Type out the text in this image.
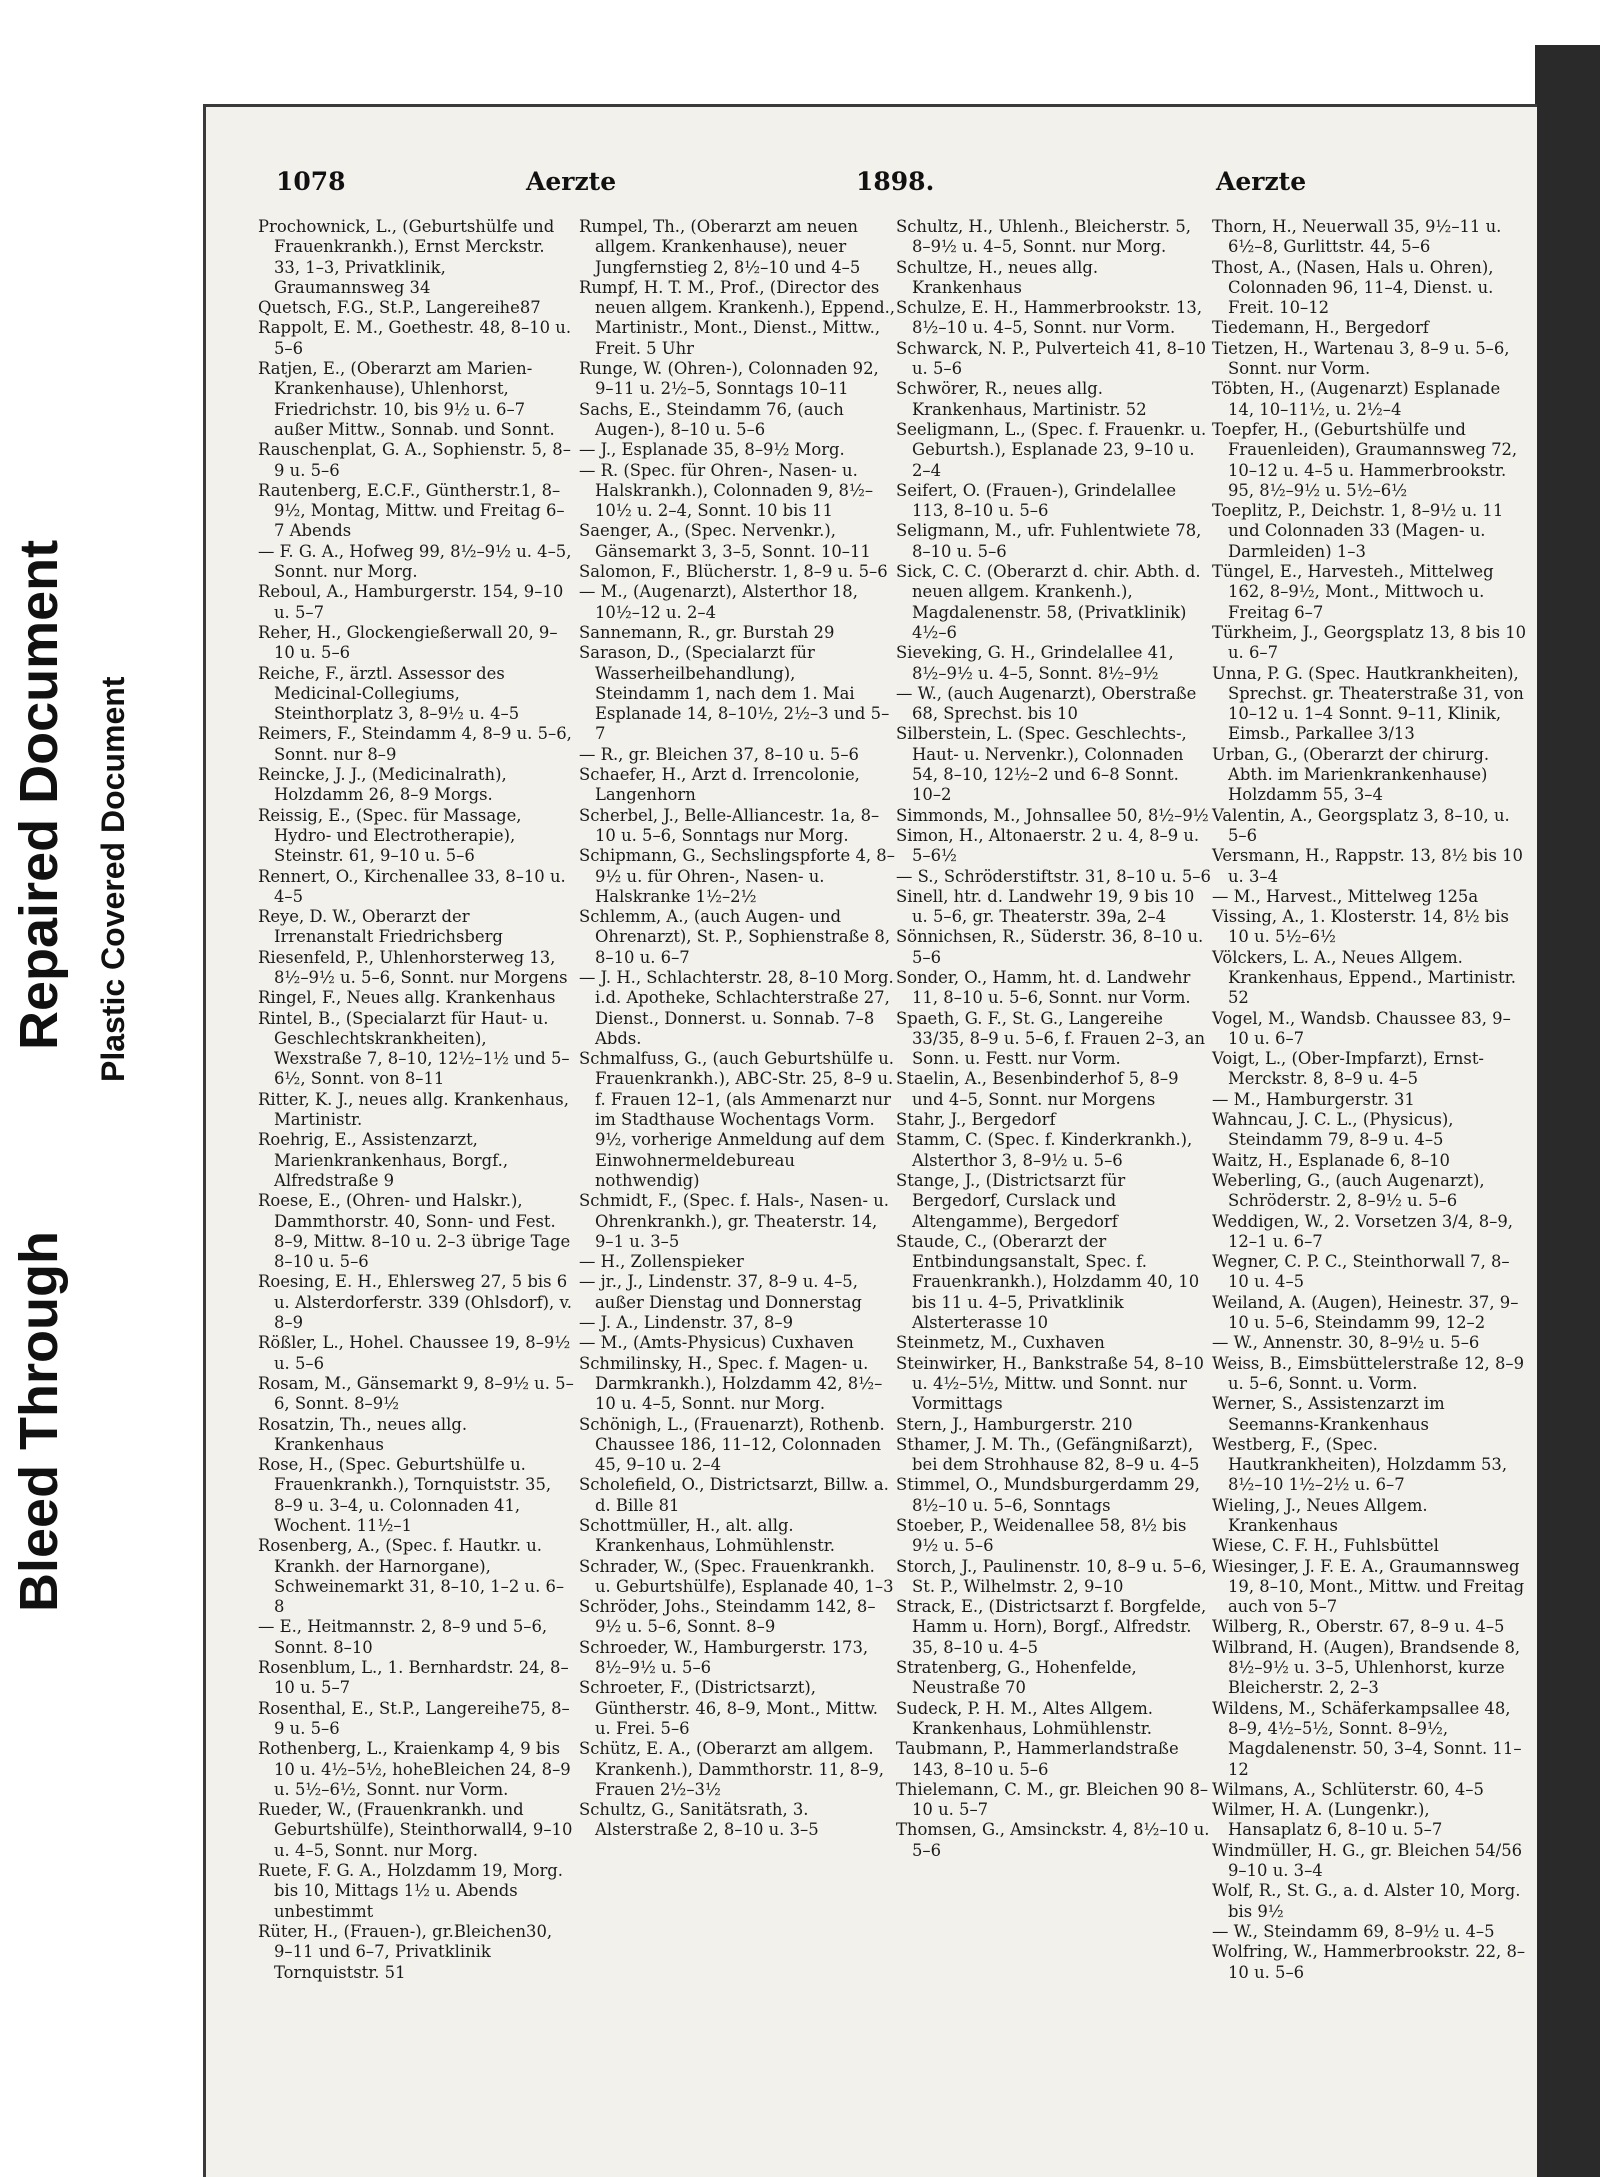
Bleed Through
Repaired Document Plastic Covered Document
1078	Aerzte	1898.	Aerzte
Prochownick, L., (Geburtshülfe und Frauenkrankh.), Ernst Merckstr. 33, 1–3, Privatklinik, Graumannsweg 34
Quetsch, F.G., St.P., Langereihe87
Rappolt, E. M., Goethestr. 48, 8–10 u. 5–6
Ratjen, E., (Oberarzt am Marien-Krankenhause), Uhlenhorst, Friedrichstr. 10, bis 9½ u. 6–7 außer Mittw., Sonnab. und Sonnt.
Rauschenplat, G. A., Sophienstr. 5, 8–9 u. 5–6
Rautenberg, E.C.F., Güntherstr.1, 8–9½, Montag, Mittw. und Freitag 6–7 Abends
— F. G. A., Hofweg 99, 8½–9½ u. 4–5, Sonnt. nur Morg.
Reboul, A., Hamburgerstr. 154, 9–10 u. 5–7
Reher, H., Glockengießerwall 20, 9–10 u. 5–6
Reiche, F., ärztl. Assessor des Medicinal-Collegiums, Steinthorplatz 3, 8–9½ u. 4–5
Reimers, F., Steindamm 4, 8–9 u. 5–6, Sonnt. nur 8–9
Reincke, J. J., (Medicinalrath), Holzdamm 26, 8–9 Morgs.
Reissig, E., (Spec. für Massage, Hydro- und Electrotherapie), Steinstr. 61, 9–10 u. 5–6
Rennert, O., Kirchenallee 33, 8–10 u. 4–5
Reye, D. W., Oberarzt der Irrenanstalt Friedrichsberg
Riesenfeld, P., Uhlenhorsterweg 13, 8½–9½ u. 5–6, Sonnt. nur Morgens
Ringel, F., Neues allg. Krankenhaus
Rintel, B., (Specialarzt für Haut- u. Geschlechtskrankheiten), Wexstraße 7, 8–10, 12½–1½ und 5–6½, Sonnt. von 8–11
Ritter, K. J., neues allg. Krankenhaus, Martinistr.
Roehrig, E., Assistenzarzt, Marienkrankenhaus, Borgf., Alfredstraße 9
Roese, E., (Ohren- und Halskr.), Dammthorstr. 40, Sonn- und Fest. 8–9, Mittw. 8–10 u. 2–3 übrige Tage 8–10 u. 5–6
Roesing, E. H., Ehlersweg 27, 5 bis 6 u. Alsterdorferstr. 339 (Ohlsdorf), v. 8–9
Rößler, L., Hohel. Chaussee 19, 8–9½ u. 5–6
Rosam, M., Gänsemarkt 9, 8–9½ u. 5–6, Sonnt. 8–9½
Rosatzin, Th., neues allg. Krankenhaus
Rose, H., (Spec. Geburtshülfe u. Frauenkrankh.), Tornquiststr. 35, 8–9 u. 3–4, u. Colonnaden 41, Wochent. 11½–1
Rosenberg, A., (Spec. f. Hautkr. u. Krankh. der Harnorgane), Schweinemarkt 31, 8–10, 1–2 u. 6–8
— E., Heitmannstr. 2, 8–9 und 5–6, Sonnt. 8–10
Rosenblum, L., 1. Bernhardstr. 24, 8–10 u. 5–7
Rosenthal, E., St.P., Langereihe75, 8–9 u. 5–6
Rothenberg, L., Kraienkamp 4, 9 bis 10 u. 4½–5½, hoheBleichen 24, 8–9 u. 5½–6½, Sonnt. nur Vorm.
Rueder, W., (Frauenkrankh. und Geburtshülfe), Steinthorwall4, 9–10 u. 4–5, Sonnt. nur Morg.
Ruete, F. G. A., Holzdamm 19, Morg. bis 10, Mittags 1½ u. Abends unbestimmt
Rüter, H., (Frauen-), gr.Bleichen30, 9–11 und 6–7, Privatklinik Tornquiststr. 51
Rumpel, Th., (Oberarzt am neuen allgem. Krankenhause), neuer Jungfernstieg 2, 8½–10 und 4–5
Rumpf, H. T. M., Prof., (Director des neuen allgem. Krankenh.), Eppend., Martinistr., Mont., Dienst., Mittw., Freit. 5 Uhr
Runge, W. (Ohren-), Colonnaden 92, 9–11 u. 2½–5, Sonntags 10–11
Sachs, E., Steindamm 76, (auch Augen-), 8–10 u. 5–6
— J., Esplanade 35, 8–9½ Morg.
— R. (Spec. für Ohren-, Nasen- u. Halskrankh.), Colonnaden 9, 8½–10½ u. 2–4, Sonnt. 10 bis 11
Saenger, A., (Spec. Nervenkr.), Gänsemarkt 3, 3–5, Sonnt. 10–11
Salomon, F., Blücherstr. 1, 8–9 u. 5–6
— M., (Augenarzt), Alsterthor 18, 10½–12 u. 2–4
Sannemann, R., gr. Burstah 29
Sarason, D., (Specialarzt für Wasserheilbehandlung), Steindamm 1, nach dem 1. Mai Esplanade 14, 8–10½, 2½–3 und 5–7
— R., gr. Bleichen 37, 8–10 u. 5–6
Schaefer, H., Arzt d. Irrencolonie, Langenhorn
Scherbel, J., Belle-Alliancestr. 1a, 8–10 u. 5–6, Sonntags nur Morg.
Schipmann, G., Sechslingspforte 4, 8–9½ u. für Ohren-, Nasen- u. Halskranke 1½–2½
Schlemm, A., (auch Augen- und Ohrenarzt), St. P., Sophienstraße 8, 8–10 u. 6–7
— J. H., Schlachterstr. 28, 8–10 Morg. i.d. Apotheke, Schlachterstraße 27, Dienst., Donnerst. u. Sonnab. 7–8 Abds.
Schmalfuss, G., (auch Geburtshülfe u. Frauenkrankh.), ABC-Str. 25, 8–9 u. f. Frauen 12–1, (als Ammenarzt nur im Stadthause Wochentags Vorm. 9½, vorherige Anmeldung auf dem Einwohnermeldebureau nothwendig)
Schmidt, F., (Spec. f. Hals-, Nasen- u. Ohrenkrankh.), gr. Theaterstr. 14, 9–1 u. 3–5
— H., Zollenspieker
— jr., J., Lindenstr. 37, 8–9 u. 4–5, außer Dienstag und Donnerstag
— J. A., Lindenstr. 37, 8–9
— M., (Amts-Physicus) Cuxhaven
Schmilinsky, H., Spec. f. Magen- u. Darmkrankh.), Holzdamm 42, 8½–10 u. 4–5, Sonnt. nur Morg.
Schönigh, L., (Frauenarzt), Rothenb. Chaussee 186, 11–12, Colonnaden 45, 9–10 u. 2–4
Scholefield, O., Districtsarzt, Billw. a. d. Bille 81
Schottmüller, H., alt. allg. Krankenhaus, Lohmühlenstr.
Schrader, W., (Spec. Frauenkrankh. u. Geburtshülfe), Esplanade 40, 1–3
Schröder, Johs., Steindamm 142, 8–9½ u. 5–6, Sonnt. 8–9
Schroeder, W., Hamburgerstr. 173, 8½–9½ u. 5–6
Schroeter, F., (Districtsarzt), Güntherstr. 46, 8–9, Mont., Mittw. u. Frei. 5–6
Schütz, E. A., (Oberarzt am allgem. Krankenh.), Dammthorstr. 11, 8–9, Frauen 2½–3½
Schultz, G., Sanitätsrath, 3. Alsterstraße 2, 8–10 u. 3–5
Schultz, H., Uhlenh., Bleicherstr. 5, 8–9½ u. 4–5, Sonnt. nur Morg.
Schultze, H., neues allg. Krankenhaus
Schulze, E. H., Hammerbrookstr. 13, 8½–10 u. 4–5, Sonnt. nur Vorm.
Schwarck, N. P., Pulverteich 41, 8–10 u. 5–6
Schwörer, R., neues allg. Krankenhaus, Martinistr. 52
Seeligmann, L., (Spec. f. Frauenkr. u. Geburtsh.), Esplanade 23, 9–10 u. 2–4
Seifert, O. (Frauen-), Grindelallee 113, 8–10 u. 5–6
Seligmann, M., ufr. Fuhlentwiete 78, 8–10 u. 5–6
Sick, C. C. (Oberarzt d. chir. Abth. d. neuen allgem. Krankenh.), Magdalenenstr. 58, (Privatklinik) 4½–6
Sieveking, G. H., Grindelallee 41, 8½–9½ u. 4–5, Sonnt. 8½–9½
— W., (auch Augenarzt), Oberstraße 68, Sprechst. bis 10
Silberstein, L. (Spec. Geschlechts-, Haut- u. Nervenkr.), Colonnaden 54, 8–10, 12½–2 und 6–8 Sonnt. 10–2
Simmonds, M., Johnsallee 50, 8½–9½
Simon, H., Altonaerstr. 2 u. 4, 8–9 u. 5–6½
— S., Schröderstiftstr. 31, 8–10 u. 5–6
Sinell, htr. d. Landwehr 19, 9 bis 10 u. 5–6, gr. Theaterstr. 39a, 2–4
Sönnichsen, R., Süderstr. 36, 8–10 u. 5–6
Sonder, O., Hamm, ht. d. Landwehr 11, 8–10 u. 5–6, Sonnt. nur Vorm.
Spaeth, G. F., St. G., Langereihe 33/35, 8–9 u. 5–6, f. Frauen 2–3, an Sonn. u. Festt. nur Vorm.
Staelin, A., Besenbinderhof 5, 8–9 und 4–5, Sonnt. nur Morgens
Stahr, J., Bergedorf
Stamm, C. (Spec. f. Kinderkrankh.), Alsterthor 3, 8–9½ u. 5–6
Stange, J., (Districtsarzt für Bergedorf, Curslack und Altengamme), Bergedorf
Staude, C., (Oberarzt der Entbindungsanstalt, Spec. f. Frauenkrankh.), Holzdamm 40, 10 bis 11 u. 4–5, Privatklinik Alsterterasse 10
Steinmetz, M., Cuxhaven
Steinwirker, H., Bankstraße 54, 8–10 u. 4½–5½, Mittw. und Sonnt. nur Vormittags
Stern, J., Hamburgerstr. 210
Sthamer, J. M. Th., (Gefängnißarzt), bei dem Strohhause 82, 8–9 u. 4–5
Stimmel, O., Mundsburgerdamm 29, 8½–10 u. 5–6, Sonntags
Stoeber, P., Weidenallee 58, 8½ bis 9½ u. 5–6
Storch, J., Paulinenstr. 10, 8–9 u. 5–6, St. P., Wilhelmstr. 2, 9–10
Strack, E., (Districtsarzt f. Borgfelde, Hamm u. Horn), Borgf., Alfredstr. 35, 8–10 u. 4–5
Stratenberg, G., Hohenfelde, Neustraße 70
Sudeck, P. H. M., Altes Allgem. Krankenhaus, Lohmühlenstr.
Taubmann, P., Hammerlandstraße 143, 8–10 u. 5–6
Thielemann, C. M., gr. Bleichen 90 8–10 u. 5–7
Thomsen, G., Amsinckstr. 4, 8½–10 u. 5–6
Thorn, H., Neuerwall 35, 9½–11 u. 6½–8, Gurlittstr. 44, 5–6
Thost, A., (Nasen, Hals u. Ohren), Colonnaden 96, 11–4, Dienst. u. Freit. 10–12
Tiedemann, H., Bergedorf
Tietzen, H., Wartenau 3, 8–9 u. 5–6, Sonnt. nur Vorm.
Töbten, H., (Augenarzt) Esplanade 14, 10–11½, u. 2½–4
Toepfer, H., (Geburtshülfe und Frauenleiden), Graumannsweg 72, 10–12 u. 4–5 u. Hammerbrookstr. 95, 8½–9½ u. 5½–6½
Toeplitz, P., Deichstr. 1, 8–9½ u. 11 und Colonnaden 33 (Magen- u. Darmleiden) 1–3
Tüngel, E., Harvesteh., Mittelweg 162, 8–9½, Mont., Mittwoch u. Freitag 6–7
Türkheim, J., Georgsplatz 13, 8 bis 10 u. 6–7
Unna, P. G. (Spec. Hautkrankheiten), Sprechst. gr. Theaterstraße 31, von 10–12 u. 1–4 Sonnt. 9–11, Klinik, Eimsb., Parkallee 3/13
Urban, G., (Oberarzt der chirurg. Abth. im Marienkrankenhause) Holzdamm 55, 3–4
Valentin, A., Georgsplatz 3, 8–10, u. 5–6
Versmann, H., Rappstr. 13, 8½ bis 10 u. 3–4
— M., Harvest., Mittelweg 125a
Vissing, A., 1. Klosterstr. 14, 8½ bis 10 u. 5½–6½
Völckers, L. A., Neues Allgem. Krankenhaus, Eppend., Martinistr. 52
Vogel, M., Wandsb. Chaussee 83, 9–10 u. 6–7
Voigt, L., (Ober-Impfarzt), Ernst-Merckstr. 8, 8–9 u. 4–5
— M., Hamburgerstr. 31
Wahncau, J. C. L., (Physicus), Steindamm 79, 8–9 u. 4–5
Waitz, H., Esplanade 6, 8–10
Weberling, G., (auch Augenarzt), Schröderstr. 2, 8–9½ u. 5–6
Weddigen, W., 2. Vorsetzen 3/4, 8–9, 12–1 u. 6–7
Wegner, C. P. C., Steinthorwall 7, 8–10 u. 4–5
Weiland, A. (Augen), Heinestr. 37, 9–10 u. 5–6, Steindamm 99, 12–2
— W., Annenstr. 30, 8–9½ u. 5–6
Weiss, B., Eimsbüttelerstraße 12, 8–9 u. 5–6, Sonnt. u. Vorm.
Werner, S., Assistenzarzt im Seemanns-Krankenhaus
Westberg, F., (Spec. Hautkrankheiten), Holzdamm 53, 8½–10 1½–2½ u. 6–7
Wieling, J., Neues Allgem. Krankenhaus
Wiese, C. F. H., Fuhlsbüttel
Wiesinger, J. F. E. A., Graumannsweg 19, 8–10, Mont., Mittw. und Freitag auch von 5–7
Wilberg, R., Oberstr. 67, 8–9 u. 4–5
Wilbrand, H. (Augen), Brandsende 8, 8½–9½ u. 3–5, Uhlenhorst, kurze Bleicherstr. 2, 2–3
Wildens, M., Schäferkampsallee 48, 8–9, 4½–5½, Sonnt. 8–9½, Magdalenenstr. 50, 3–4, Sonnt. 11–12
Wilmans, A., Schlüterstr. 60, 4–5
Wilmer, H. A. (Lungenkr.), Hansaplatz 6, 8–10 u. 5–7
Windmüller, H. G., gr. Bleichen 54/56 9–10 u. 3–4
Wolf, R., St. G., a. d. Alster 10, Morg. bis 9½
— W., Steindamm 69, 8–9½ u. 4–5
Wolfring, W., Hammerbrookstr. 22, 8–10 u. 5–6
